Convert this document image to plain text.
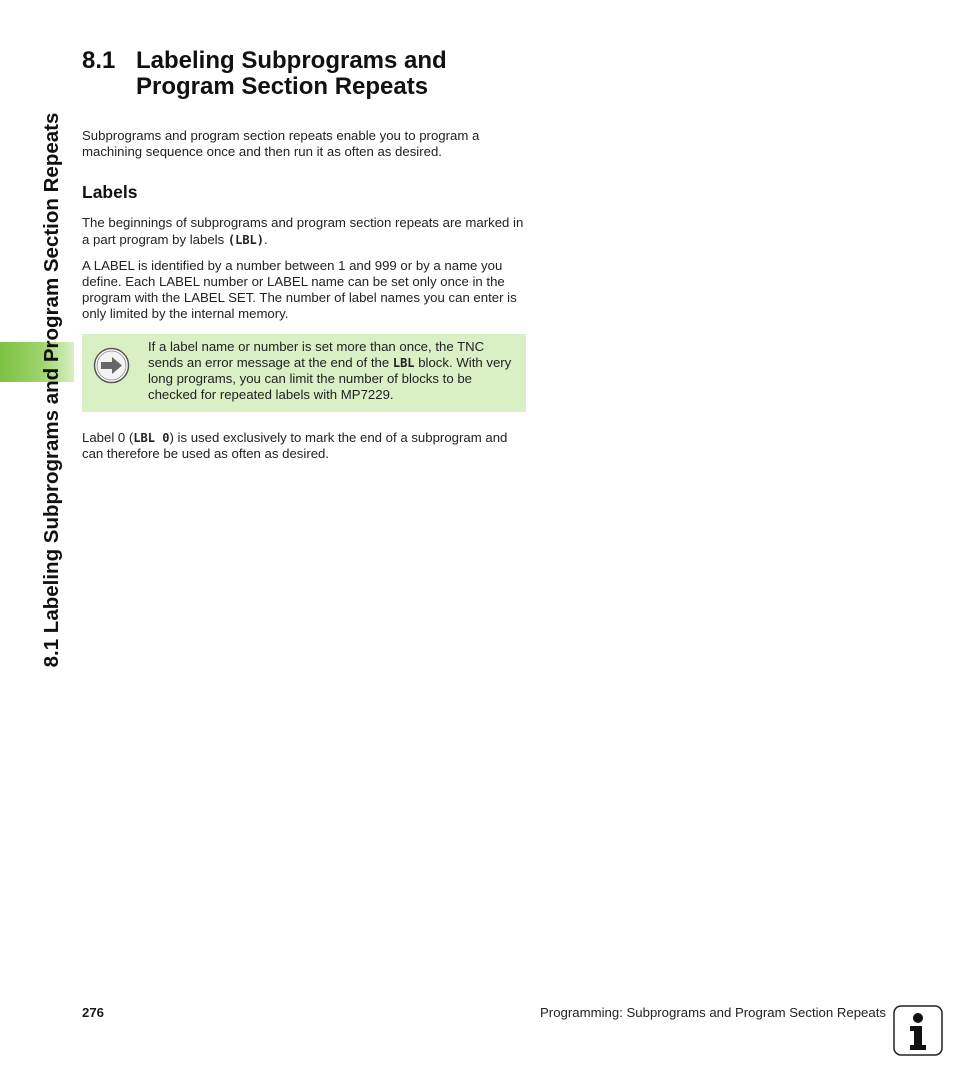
8.1 Labeling Subprograms and Program Section Repeats
8.1 Labeling Subprograms and Program Section Repeats

Subprograms and program section repeats enable you to program a machining sequence once and then run it as often as desired.

Labels

The beginnings of subprograms and program section repeats are marked in a part program by labels (LBL).

A LABEL is identified by a number between 1 and 999 or by a name you define. Each LABEL number or LABEL name can be set only once in the program with the LABEL SET. The number of label names you can enter is only limited by the internal memory.

If a label name or number is set more than once, the TNC sends an error message at the end of the LBL block. With very long programs, you can limit the number of blocks to be checked for repeated labels with MP7229.

Label 0 (LBL 0) is used exclusively to mark the end of a subprogram and can therefore be used as often as desired.

276	Programming: Subprograms and Program Section Repeats
